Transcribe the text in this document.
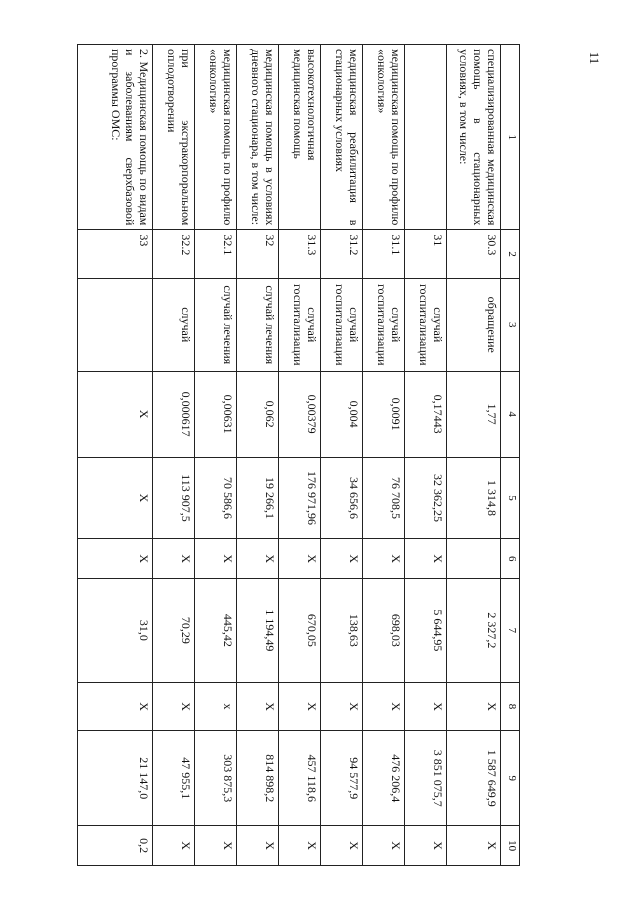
11
1	2	3	4	5	6	7	8	9	10
специализированная медицинская помощь в стационарных условиях, в том числе:	30.3	обращение	1,77	1 314,8		2 327,2	Х	1 587 649,9	Х
	31	случай госпитализации	0,17443	32 362,25	Х	5 644,95	Х	3 851 075,7	Х
медицинская помощь по профилю «онкология»	31.1	случай госпитализации	0,0091	76 708,5	Х	698,03	Х	476 206,4	Х
медицинская реабилитация в стационарных условиях	31.2	случай госпитализации	0,004	34 656,6	Х	138,63	Х	94 577,9	Х
высокотехнологичная медицинская помощь	31.3	случай госпитализации	0,00379	176 971,96	Х	670,05	Х	457 118,6	Х
медицинская помощь в условиях дневного стационара, в том числе:	32	случай лечения	0,062	19 266,1	Х	1 194,49	Х	814 898,2	Х
медицинская помощь по профилю «онкология»	32.1	случай лечения	0,00631	70 586,6	Х	445,42	х	303 875,3	Х
при экстракорпоральном оплодотворении	32.2	случай	0,000617	113 907,5	Х	70,29	Х	47 955,1	Х
2. Медицинская помощь по видам и заболеваниям сверхбазовой программы ОМС:	33		Х	Х	Х	31,0	Х	21 147,0	0,2
